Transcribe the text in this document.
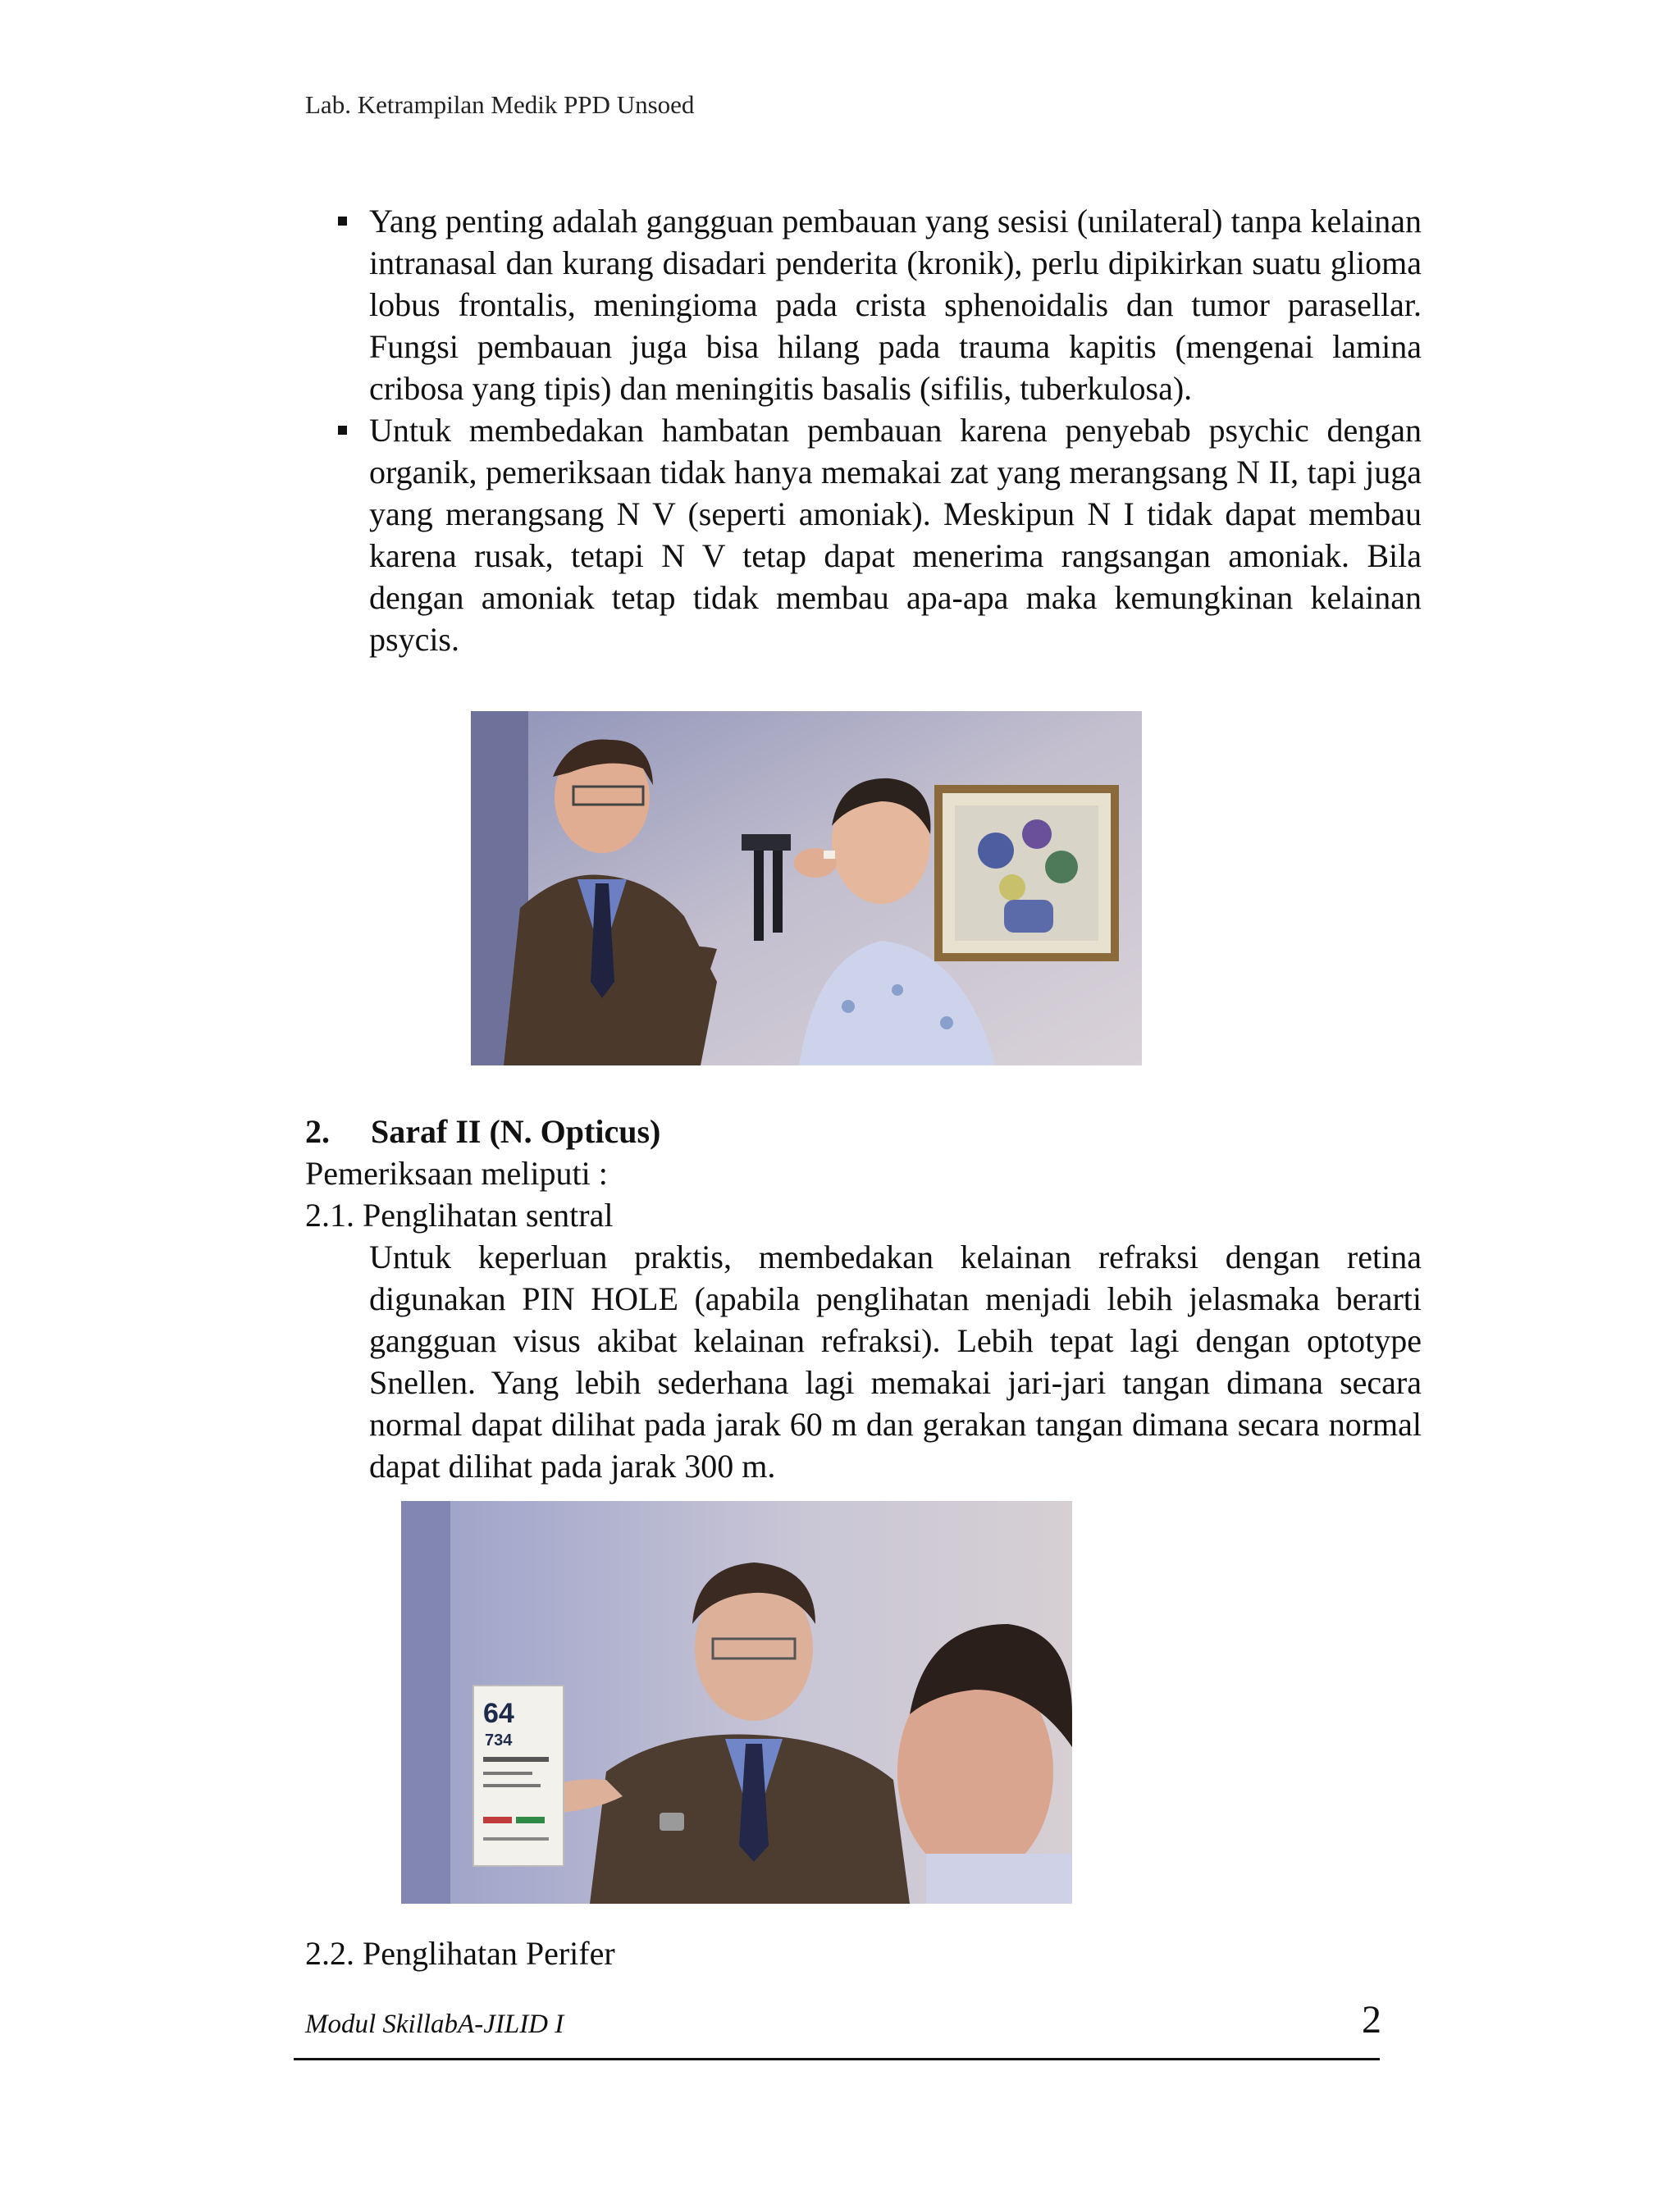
Lab. Ketrampilan Medik PPD Unsoed
Yang penting adalah gangguan pembauan yang sesisi (unilateral) tanpa kelainan intranasal dan kurang disadari penderita (kronik), perlu dipikirkan suatu glioma lobus frontalis, meningioma pada crista sphenoidalis dan tumor parasellar. Fungsi pembauan juga bisa hilang pada trauma kapitis (mengenai lamina cribosa yang tipis) dan meningitis basalis (sifilis, tuberkulosa).
Untuk membedakan hambatan pembauan karena penyebab psychic dengan organik, pemeriksaan tidak hanya memakai zat yang merangsang N II, tapi juga yang merangsang N V (seperti amoniak). Meskipun N I tidak dapat membau karena rusak, tetapi N V tetap dapat menerima rangsangan amoniak. Bila dengan amoniak tetap tidak membau apa-apa maka kemungkinan kelainan psycis.
2. Saraf II (N. Opticus)
Pemeriksaan meliputi :
2.1. Penglihatan sentral
Untuk keperluan praktis, membedakan kelainan refraksi dengan retina digunakan PIN HOLE (apabila penglihatan menjadi lebih jelasmaka berarti gangguan visus akibat kelainan refraksi). Lebih tepat lagi dengan optotype Snellen. Yang lebih sederhana lagi memakai jari-jari tangan dimana secara normal dapat dilihat pada jarak 60 m dan gerakan tangan dimana secara normal dapat dilihat pada jarak 300 m.
64
734
2.2. Penglihatan Perifer
Modul SkillabA-JILID I	2
